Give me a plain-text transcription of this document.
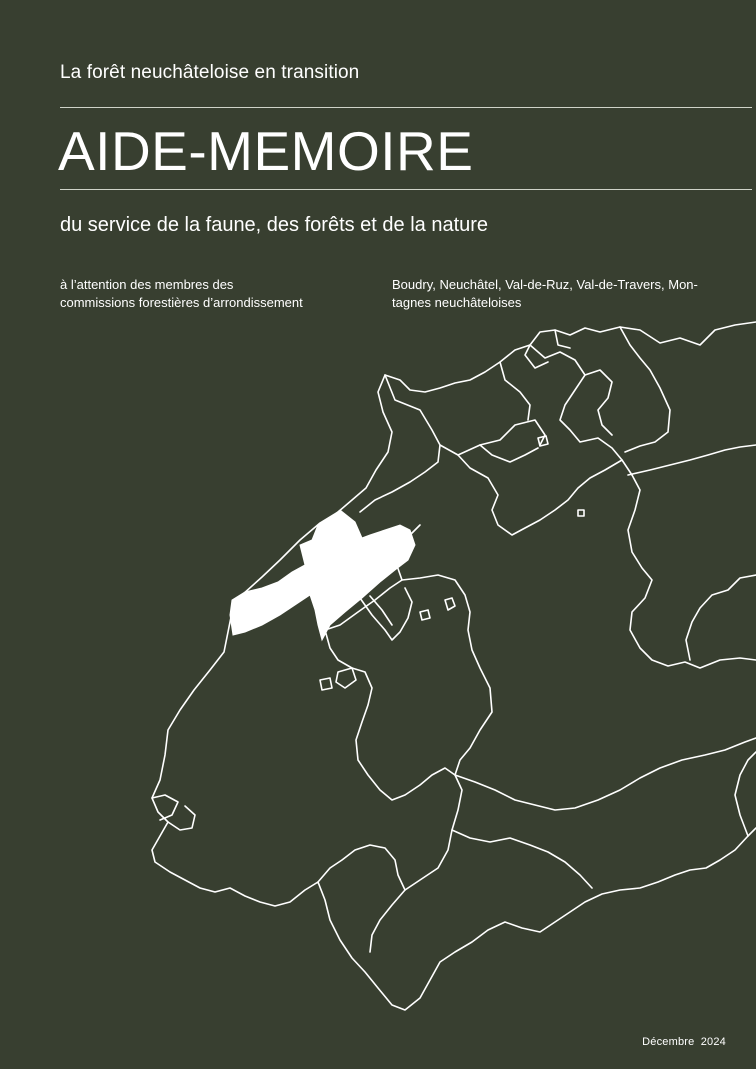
La forêt neuchâteloise en transition
AIDE-MEMOIRE
du service de la faune, des forêts et de la nature
à l’attention des membres des
commissions forestières d’arrondissement
Boudry, Neuchâtel, Val-de-Ruz, Val-de-Travers, Mon-
tagnes neuchâteloises
Décembre 2024
